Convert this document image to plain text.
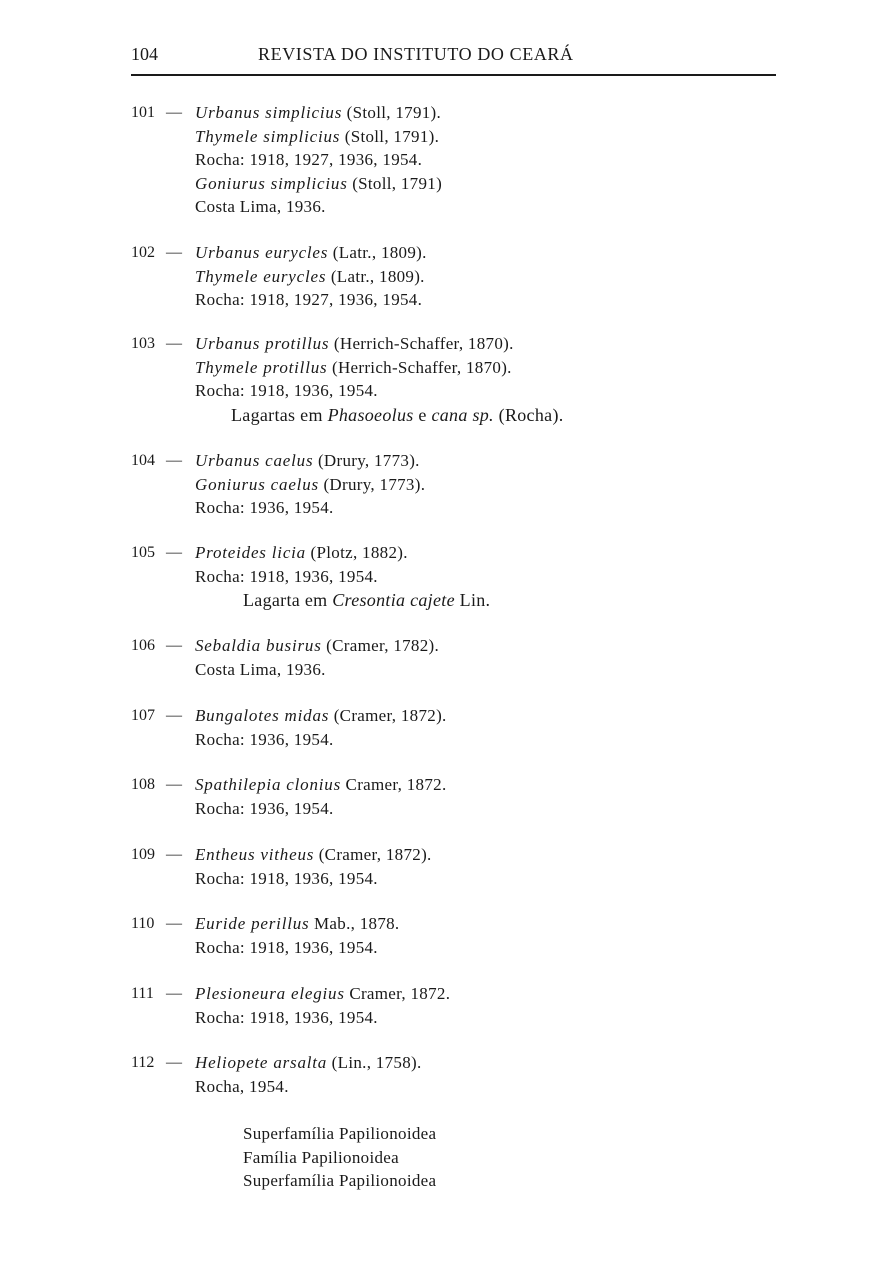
104	REVISTA DO INSTITUTO DO CEARÁ
101 — Urbanus simplicius (Stoll, 1791).
Thymele simplicius (Stoll, 1791).
Rocha: 1918, 1927, 1936, 1954.
Goniurus simplicius (Stoll, 1791)
Costa Lima, 1936.
102 — Urbanus eurycles (Latr., 1809).
Thymele eurycles (Latr., 1809).
Rocha: 1918, 1927, 1936, 1954.
103 — Urbanus protillus (Herrich-Schaffer, 1870).
Thymele protillus (Herrich-Schaffer, 1870).
Rocha: 1918, 1936, 1954.
Lagartas em Phasoeolus e cana sp. (Rocha).
104 — Urbanus caelus (Drury, 1773).
Goniurus caelus (Drury, 1773).
Rocha: 1936, 1954.
105 — Proteides licia (Plotz, 1882).
Rocha: 1918, 1936, 1954.
Lagarta em Cresontia cajete Lin.
106 — Sebaldia busirus (Cramer, 1782).
Costa Lima, 1936.
107 — Bungalotes midas (Cramer, 1872).
Rocha: 1936, 1954.
108 — Spathilepia clonius Cramer, 1872.
Rocha: 1936, 1954.
109 — Entheus vitheus (Cramer, 1872).
Rocha: 1918, 1936, 1954.
110 — Euride perillus Mab., 1878.
Rocha: 1918, 1936, 1954.
111 — Plesioneura elegius Cramer, 1872.
Rocha: 1918, 1936, 1954.
112 — Heliopete arsalta (Lin., 1758).
Rocha, 1954.
Superfamília Papilionoidea
Família Papilionoidea
Superfamília Papilionoidea
